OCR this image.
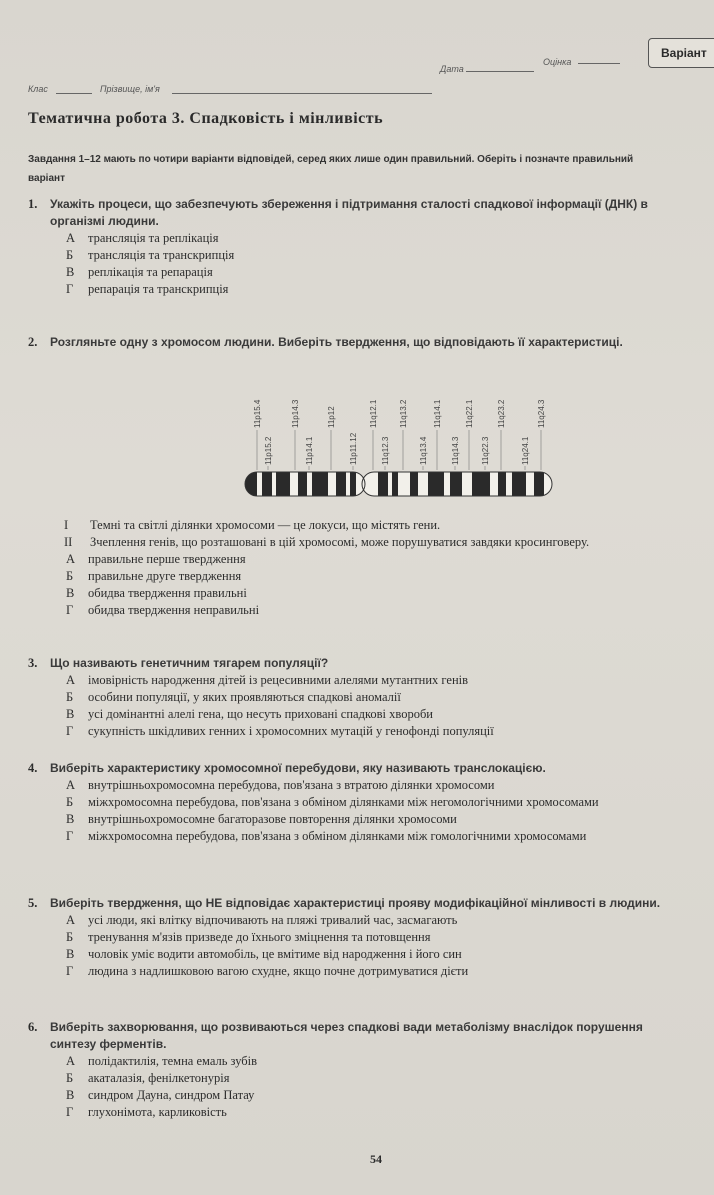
Варіант
Клас	Прізвище, ім'я
Дата
Оцінка
Тематична робота 3. Спадковість і мінливість
Завдання 1–12 мають по чотири варіанти відповідей, серед яких лише один правильний. Оберіть і позначте правильний варіант
1. Укажіть процеси, що забезпечують збереження і підтримання сталості спадкової інформації (ДНК) в організмі людини.
А трансляція та реплікація
Б трансляція та транскрипція
В реплікація та репарація
Г репарація та транскрипція
2. Розгляньте одну з хромосом людини. Виберіть твердження, що відповідають її характеристиці.
11p15.4
11p15.2
11p14.3
11p14.1
11p12
11p11.12
11q12.1
11q12.3
11q13.2
11q13.4
11q14.1
11q14.3
11q22.1
11q22.3
11q23.2
11q24.1
11q24.3
I Темні та світлі ділянки хромосоми — це локуси, що містять гени.
II Зчеплення генів, що розташовані в цій хромосомі, може порушуватися завдяки кросинговеру.
А правильне перше твердження
Б правильне друге твердження
В обидва твердження правильні
Г обидва твердження неправильні
3. Що називають генетичним тягарем популяції?
А імовірність народження дітей із рецесивними алелями мутантних генів
Б особини популяції, у яких проявляються спадкові аномалії
В усі домінантні алелі гена, що несуть приховані спадкові хвороби
Г сукупність шкідливих генних і хромосомних мутацій у генофонді популяції
4. Виберіть характеристику хромосомної перебудови, яку називають транслокацією.
А внутрішньохромосомна перебудова, пов'язана з втратою ділянки хромосоми
Б міжхромосомна перебудова, пов'язана з обміном ділянками між негомологічними хромосомами
В внутрішньохромосомне багаторазове повторення ділянки хромосоми
Г міжхромосомна перебудова, пов'язана з обміном ділянками між гомологічними хромосомами
5. Виберіть твердження, що НЕ відповідає характеристиці прояву модифікаційної мінливості в людини.
А усі люди, які влітку відпочивають на пляжі тривалий час, засмагають
Б тренування м'язів призведе до їхнього зміцнення та потовщення
В чоловік уміє водити автомобіль, це вмітиме від народження і його син
Г людина з надлишковою вагою схудне, якщо почне дотримуватися дієти
6. Виберіть захворювання, що розвиваються через спадкові вади метаболізму внаслідок порушення синтезу ферментів.
А полідактилія, темна емаль зубів
Б акаталазія, фенілкетонурія
В синдром Дауна, синдром Патау
Г глухонімота, карликовість
54
